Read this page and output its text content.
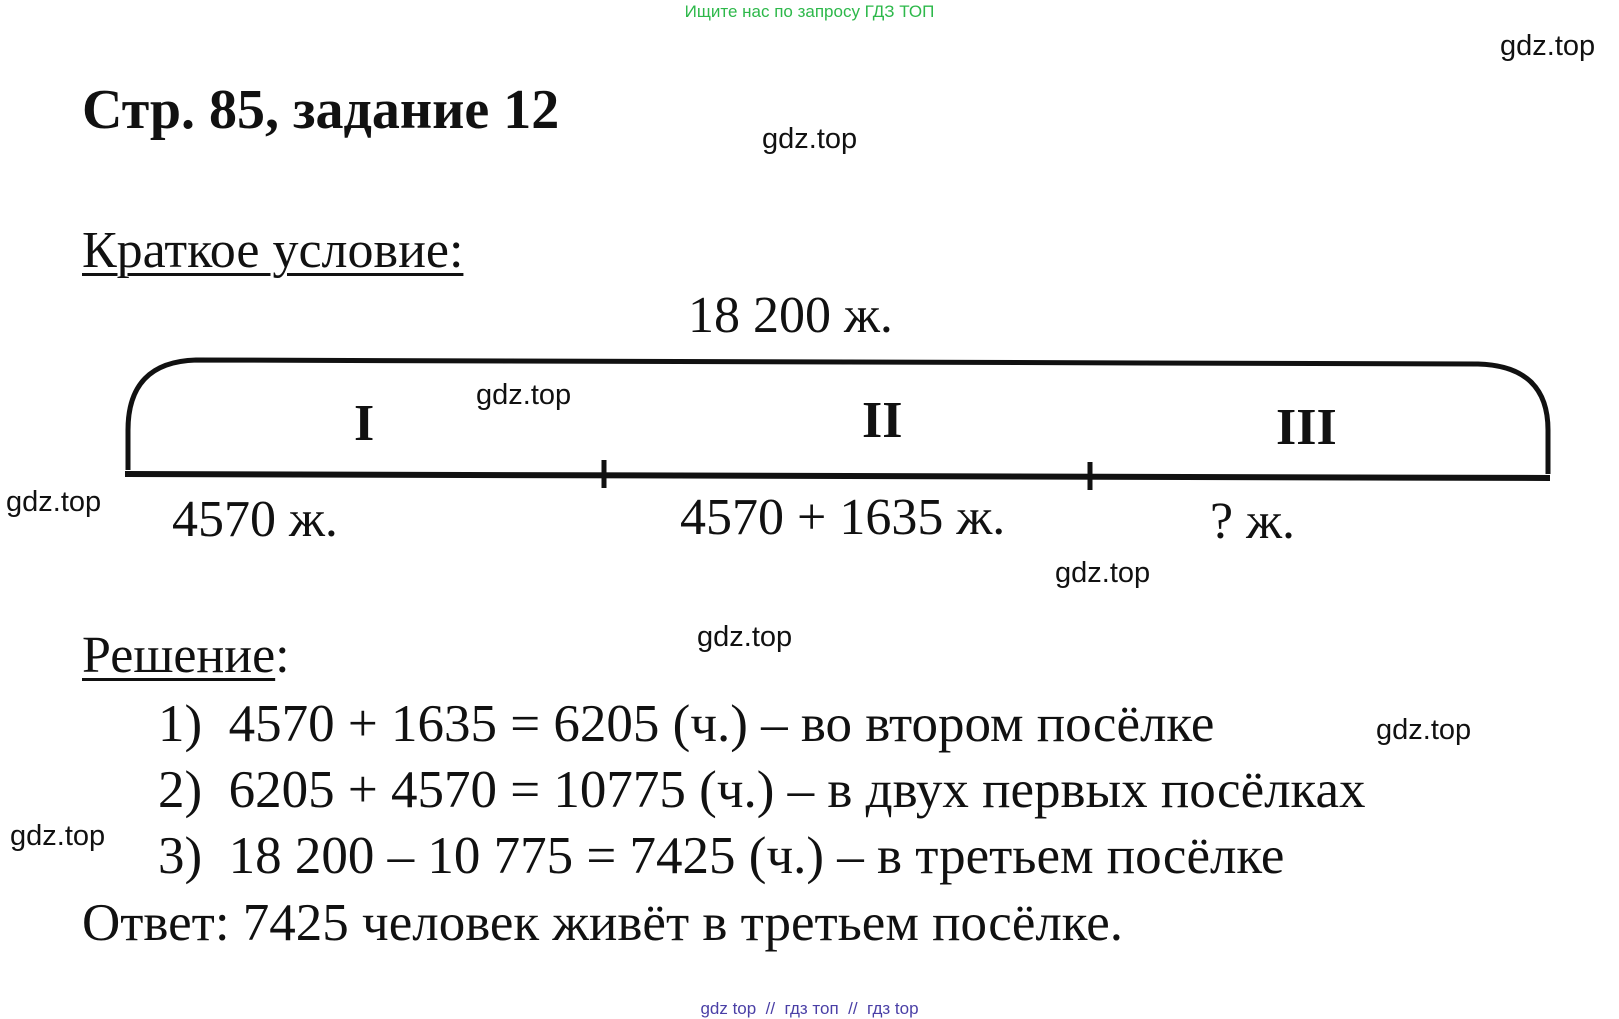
Ищите нас по запросу ГДЗ ТОП
gdz.top
gdz.top
gdz.top
gdz.top
gdz.top
gdz.top
gdz.top
gdz.top
Стр. 85, задание 12
Краткое условие:
18 200 ж.
I	II	III
4570 ж.	4570 + 1635 ж.	? ж.
Решение:
1) 4570 + 1635 = 6205 (ч.) – во втором посёлке
2) 6205 + 4570 = 10775 (ч.) – в двух первых посёлках
3) 18 200 – 10 775 = 7425 (ч.) – в третьем посёлке
Ответ: 7425 человек живёт в третьем посёлке.
gdz top  //  гдз топ  //  гдз top
